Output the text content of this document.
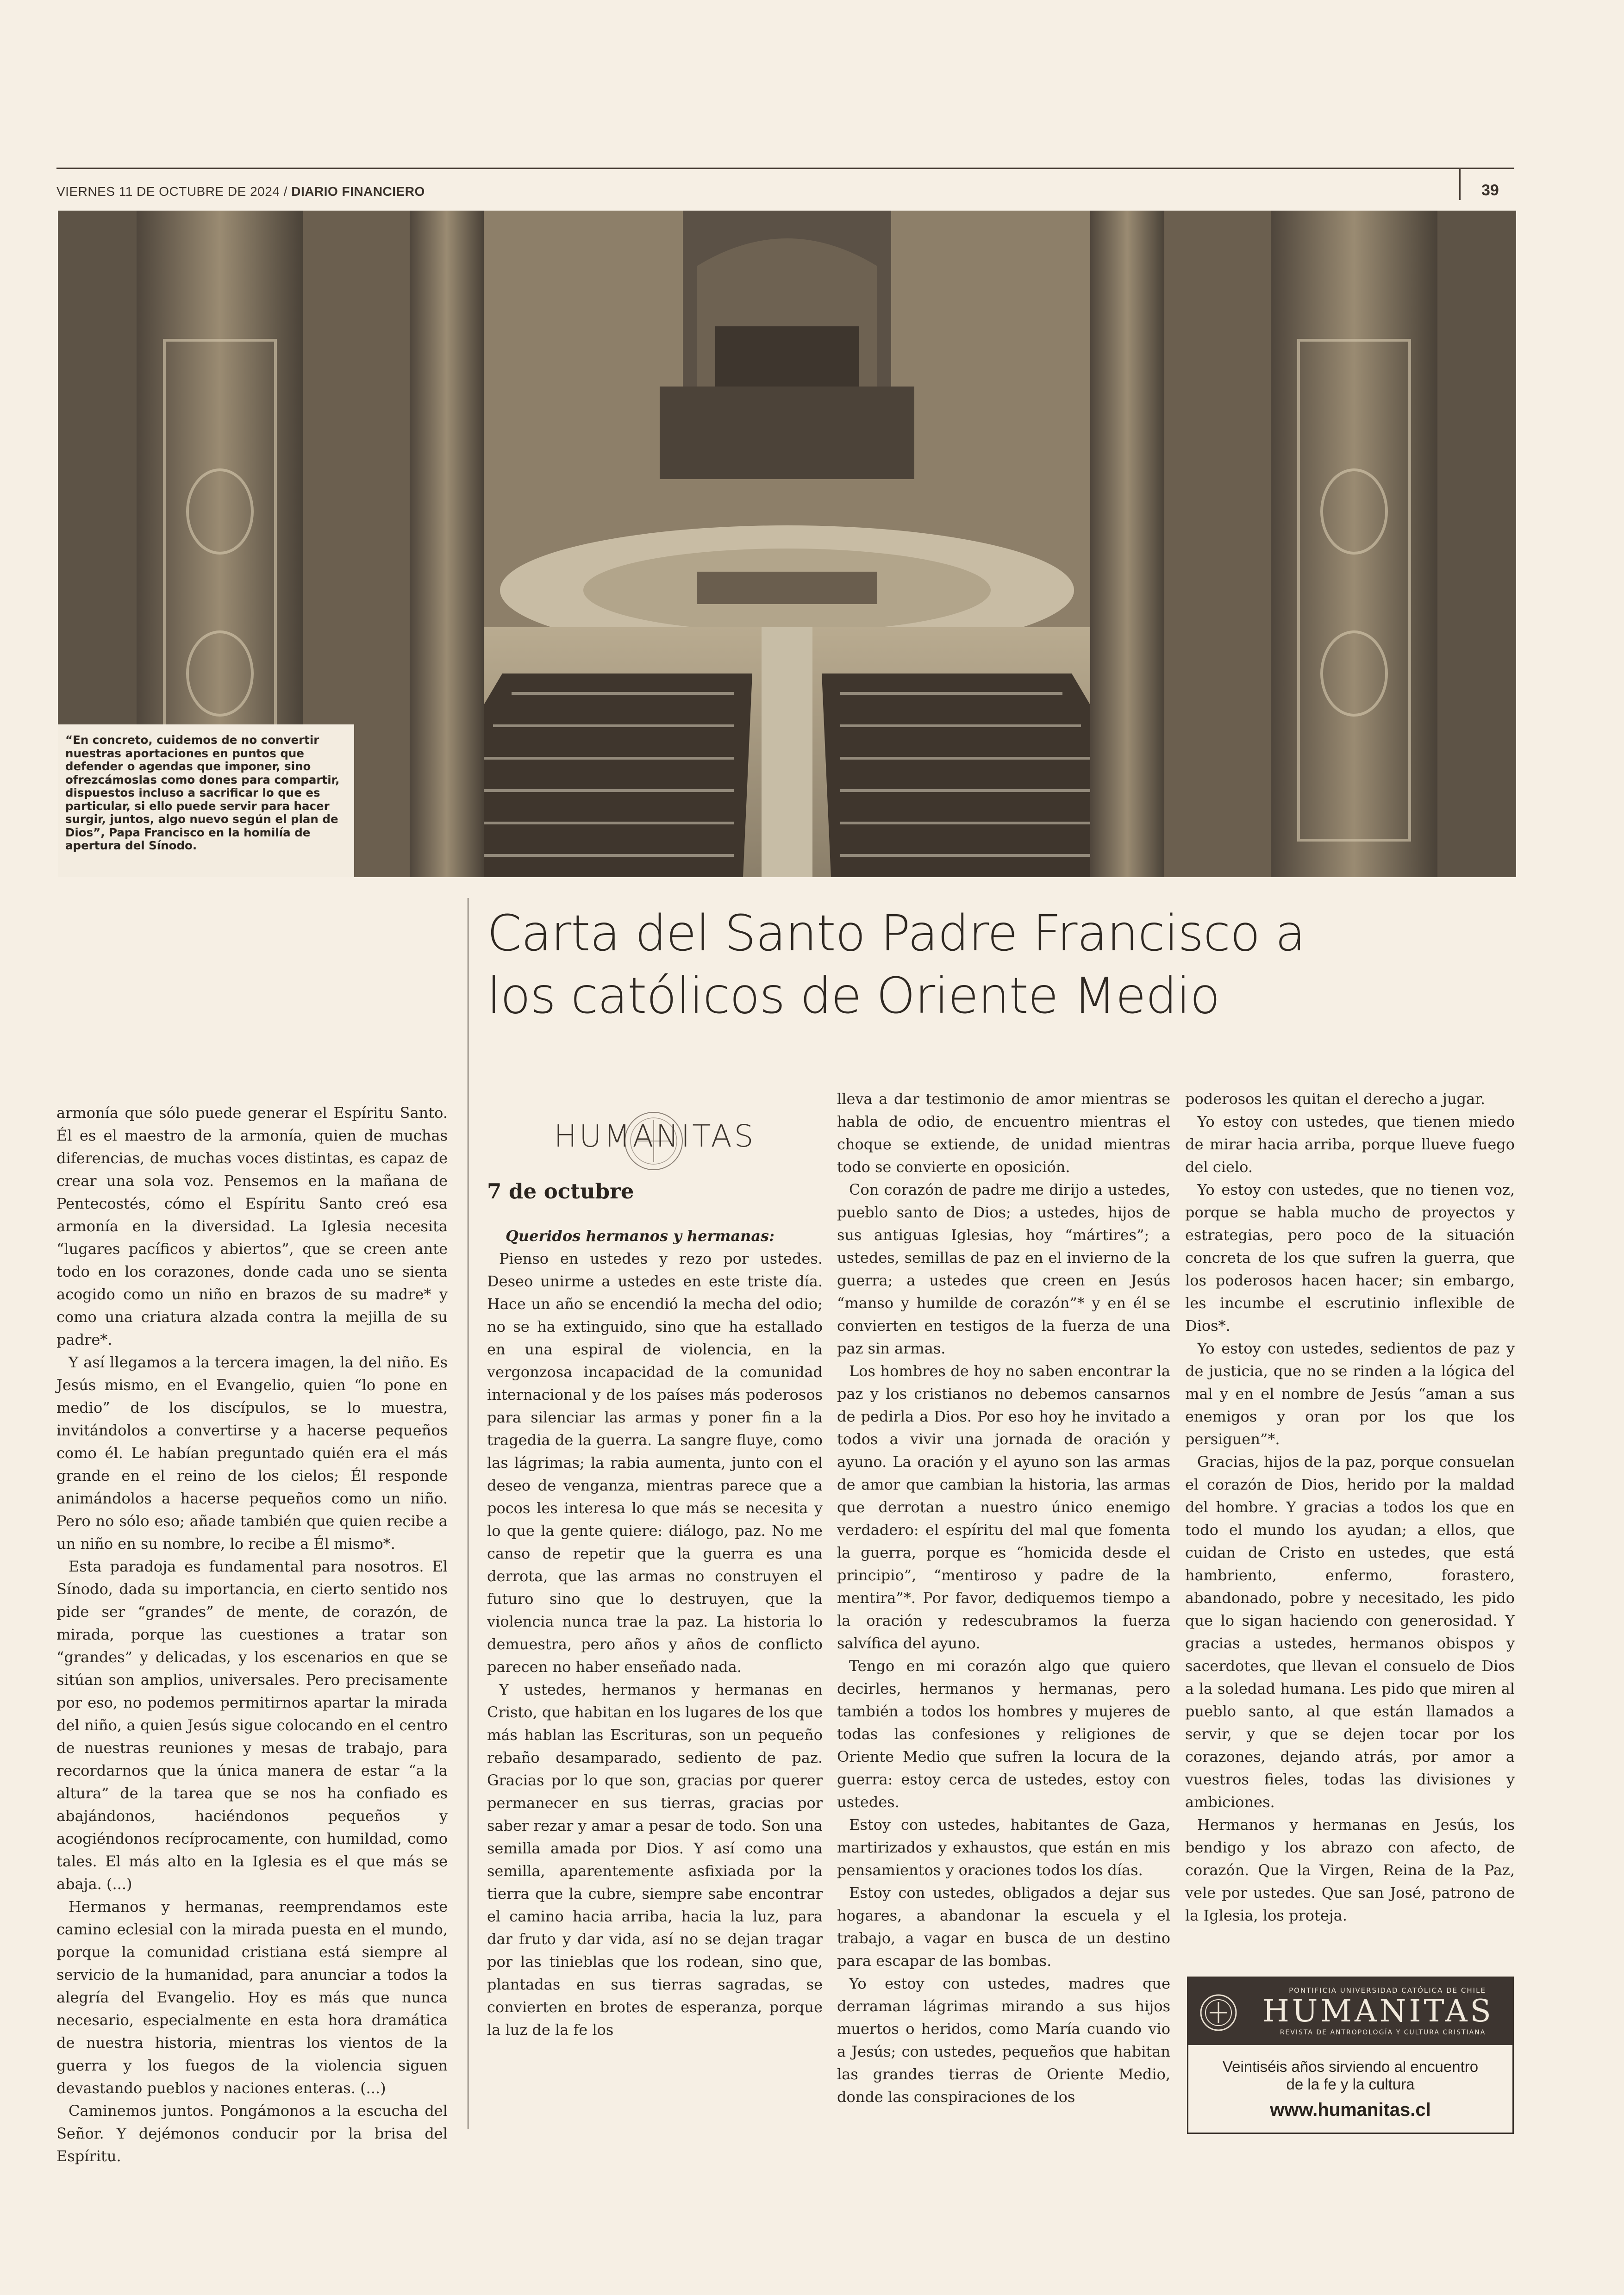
VIERNES 11 DE OCTUBRE DE 2024 / DIARIO FINANCIERO	39
“En concreto, cuidemos de no convertir nuestras aportaciones en puntos que defender o agendas que imponer, sino ofrezcámoslas como dones para compartir, dispuestos incluso a sacrificar lo que es particular, si ello puede servir para hacer surgir, juntos, algo nuevo según el plan de Dios”, Papa Francisco en la homilía de apertura del Sínodo.
Carta del Santo Padre Francisco a
los católicos de Oriente Medio

armonía que sólo puede generar el Espíritu Santo. Él es el maestro de la armonía, quien de muchas diferencias, de muchas voces distintas, es capaz de crear una sola voz. Pensemos en la mañana de Pentecostés, cómo el Espíritu Santo creó esa armonía en la diversidad. La Iglesia necesita “lugares pacíficos y abiertos”, que se creen ante todo en los corazones, donde cada uno se sienta acogido como un niño en brazos de su madre* y como una criatura alzada contra la mejilla de su padre*.

Y así llegamos a la tercera imagen, la del niño. Es Jesús mismo, en el Evangelio, quien “lo pone en medio” de los discípulos, se lo muestra, invitándolos a convertirse y a hacerse pequeños como él. Le habían preguntado quién era el más grande en el reino de los cielos; Él responde animándolos a hacerse pequeños como un niño. Pero no sólo eso; añade también que quien recibe a un niño en su nombre, lo recibe a Él mismo*.

Esta paradoja es fundamental para nosotros. El Sínodo, dada su importancia, en cierto sentido nos pide ser “grandes” de mente, de corazón, de mirada, porque las cuestiones a tratar son “grandes” y delicadas, y los escenarios en que se sitúan son amplios, universales. Pero precisamente por eso, no podemos permitirnos apartar la mirada del niño, a quien Jesús sigue colocando en el centro de nuestras reuniones y mesas de trabajo, para recordarnos que la única manera de estar “a la altura” de la tarea que se nos ha confiado es abajándonos, haciéndonos pequeños y acogiéndonos recíprocamente, con humildad, como tales. El más alto en la Iglesia es el que más se abaja. (...)

Hermanos y hermanas, reemprendamos este camino eclesial con la mirada puesta en el mundo, porque la comunidad cristiana está siempre al servicio de la humanidad, para anunciar a todos la alegría del Evangelio. Hoy es más que nunca necesario, especialmente en esta hora dramática de nuestra historia, mientras los vientos de la guerra y los fuegos de la violencia siguen devastando pueblos y naciones enteras. (...)

Caminemos juntos. Pongámonos a la escucha del Señor. Y dejémonos conducir por la brisa del Espíritu.

HUMANITAS
7 de octubre

Queridos hermanos y hermanas:

Pienso en ustedes y rezo por ustedes. Deseo unirme a ustedes en este triste día. Hace un año se encendió la mecha del odio; no se ha extinguido, sino que ha estallado en una espiral de violencia, en la vergonzosa incapacidad de la comunidad internacional y de los países más poderosos para silenciar las armas y poner fin a la tragedia de la guerra. La sangre fluye, como las lágrimas; la rabia aumenta, junto con el deseo de venganza, mientras parece que a pocos les interesa lo que más se necesita y lo que la gente quiere: diálogo, paz. No me canso de repetir que la guerra es una derrota, que las armas no construyen el futuro sino que lo destruyen, que la violencia nunca trae la paz. La historia lo demuestra, pero años y años de conflicto parecen no haber enseñado nada.

Y ustedes, hermanos y hermanas en Cristo, que habitan en los lugares de los que más hablan las Escrituras, son un pequeño rebaño desamparado, sediento de paz. Gracias por lo que son, gracias por querer permanecer en sus tierras, gracias por saber rezar y amar a pesar de todo. Son una semilla amada por Dios. Y así como una semilla, aparentemente asfixiada por la tierra que la cubre, siempre sabe encontrar el camino hacia arriba, hacia la luz, para dar fruto y dar vida, así no se dejan tragar por las tinieblas que los rodean, sino que, plantadas en sus tierras sagradas, se convierten en brotes de esperanza, porque la luz de la fe los

lleva a dar testimonio de amor mientras se habla de odio, de encuentro mientras el choque se extiende, de unidad mientras todo se convierte en oposición.

Con corazón de padre me dirijo a ustedes, pueblo santo de Dios; a ustedes, hijos de sus antiguas Iglesias, hoy “mártires”; a ustedes, semillas de paz en el invierno de la guerra; a ustedes que creen en Jesús “manso y humilde de corazón”* y en él se convierten en testigos de la fuerza de una paz sin armas.

Los hombres de hoy no saben encontrar la paz y los cristianos no debemos cansarnos de pedirla a Dios. Por eso hoy he invitado a todos a vivir una jornada de oración y ayuno. La oración y el ayuno son las armas de amor que cambian la historia, las armas que derrotan a nuestro único enemigo verdadero: el espíritu del mal que fomenta la guerra, porque es “homicida desde el principio”, “mentiroso y padre de la mentira”*. Por favor, dediquemos tiempo a la oración y redescubramos la fuerza salvífica del ayuno.

Tengo en mi corazón algo que quiero decirles, hermanos y hermanas, pero también a todos los hombres y mujeres de todas las confesiones y religiones de Oriente Medio que sufren la locura de la guerra: estoy cerca de ustedes, estoy con ustedes.

Estoy con ustedes, habitantes de Gaza, martirizados y exhaustos, que están en mis pensamientos y oraciones todos los días.

Estoy con ustedes, obligados a dejar sus hogares, a abandonar la escuela y el trabajo, a vagar en busca de un destino para escapar de las bombas.

Yo estoy con ustedes, madres que derraman lágrimas mirando a sus hijos muertos o heridos, como María cuando vio a Jesús; con ustedes, pequeños que habitan las grandes tierras de Oriente Medio, donde las conspiraciones de los

poderosos les quitan el derecho a jugar.

Yo estoy con ustedes, que tienen miedo de mirar hacia arriba, porque llueve fuego del cielo.

Yo estoy con ustedes, que no tienen voz, porque se habla mucho de proyectos y estrategias, pero poco de la situación concreta de los que sufren la guerra, que los poderosos hacen hacer; sin embargo, les incumbe el escrutinio inflexible de Dios*.

Yo estoy con ustedes, sedientos de paz y de justicia, que no se rinden a la lógica del mal y en el nombre de Jesús “aman a sus enemigos y oran por los que los persiguen”*.

Gracias, hijos de la paz, porque consuelan el corazón de Dios, herido por la maldad del hombre. Y gracias a todos los que en todo el mundo los ayudan; a ellos, que cuidan de Cristo en ustedes, que está hambriento, enfermo, forastero, abandonado, pobre y necesitado, les pido que lo sigan haciendo con generosidad. Y gracias a ustedes, hermanos obispos y sacerdotes, que llevan el consuelo de Dios a la soledad humana. Les pido que miren al pueblo santo, al que están llamados a servir, y que se dejen tocar por los corazones, dejando atrás, por amor a vuestros fieles, todas las divisiones y ambiciones.

Hermanos y hermanas en Jesús, los bendigo y los abrazo con afecto, de corazón. Que la Virgen, Reina de la Paz, vele por ustedes. Que san José, patrono de la Iglesia, los proteja.

PONTIFICIA UNIVERSIDAD CATÓLICA DE CHILE
HUMANITAS
REVISTA DE ANTROPOLOGÍA Y CULTURA CRISTIANA
Veintiséis años sirviendo al encuentro
de la fe y la cultura
www.humanitas.cl
